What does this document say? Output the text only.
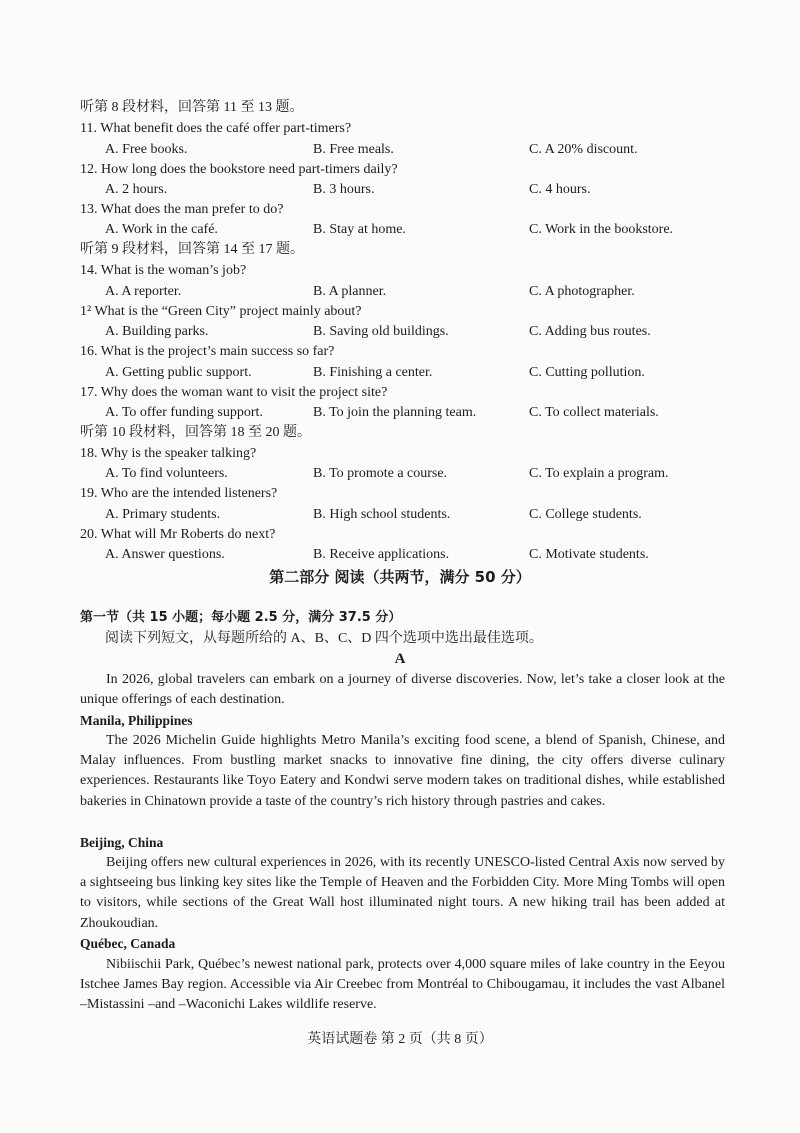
听第 8 段材料，回答第 11 至 13 题。
11. What benefit does the café offer part-timers?
A. Free books.	B. Free meals.	C. A 20% discount.
12. How long does the bookstore need part-timers daily?
A. 2 hours.	B. 3 hours.	C. 4 hours.
13. What does the man prefer to do?
A. Work in the café.	B. Stay at home.	C. Work in the bookstore.
听第 9 段材料，回答第 14 至 17 题。
14. What is the woman’s job?
A. A reporter.	B. A planner.	C. A photographer.
1² What is the “Green City” project mainly about?
A. Building parks.	B. Saving old buildings.	C. Adding bus routes.
16. What is the project’s main success so far?
A. Getting public support.	B. Finishing a center.	C. Cutting pollution.
17. Why does the woman want to visit the project site?
A. To offer funding support.	B. To join the planning team.	C. To collect materials.
听第 10 段材料，回答第 18 至 20 题。
18. Why is the speaker talking?
A. To find volunteers.	B. To promote a course.	C. To explain a program.
19. Who are the intended listeners?
A. Primary students.	B. High school students.	C. College students.
20. What will Mr Roberts do next?
A. Answer questions.	B. Receive applications.	C. Motivate students.
第二部分 阅读（共两节，满分 50 分）
第一节（共 15 小题；每小题 2.5 分，满分 37.5 分）
阅读下列短文，从每题所给的 A、B、C、D 四个选项中选出最佳选项。
A
In 2026, global travelers can embark on a journey of diverse discoveries. Now, let’s take a closer look at the unique offerings of each destination.
Manila, Philippines
The 2026 Michelin Guide highlights Metro Manila’s exciting food scene, a blend of Spanish, Chinese, and Malay influences. From bustling market snacks to innovative fine dining, the city offers diverse culinary experiences. Restaurants like Toyo Eatery and Kondwi serve modern takes on traditional dishes, while established bakeries in Chinatown provide a taste of the country’s rich history through pastries and cakes.
Beijing, China
Beijing offers new cultural experiences in 2026, with its recently UNESCO-listed Central Axis now served by a sightseeing bus linking key sites like the Temple of Heaven and the Forbidden City. More Ming Tombs will open to visitors, while sections of the Great Wall host illuminated night tours. A new hiking trail has been added at Zhoukoudian.
Québec, Canada
Nibiischii Park, Québec’s newest national park, protects over 4,000 square miles of lake country in the Eeyou Istchee James Bay region. Accessible via Air Creebec from Montréal to Chibougamau, it includes the vast Albanel –Mistassini –and –Waconichi Lakes wildlife reserve.
英语试题卷 第 2 页（共 8 页）
